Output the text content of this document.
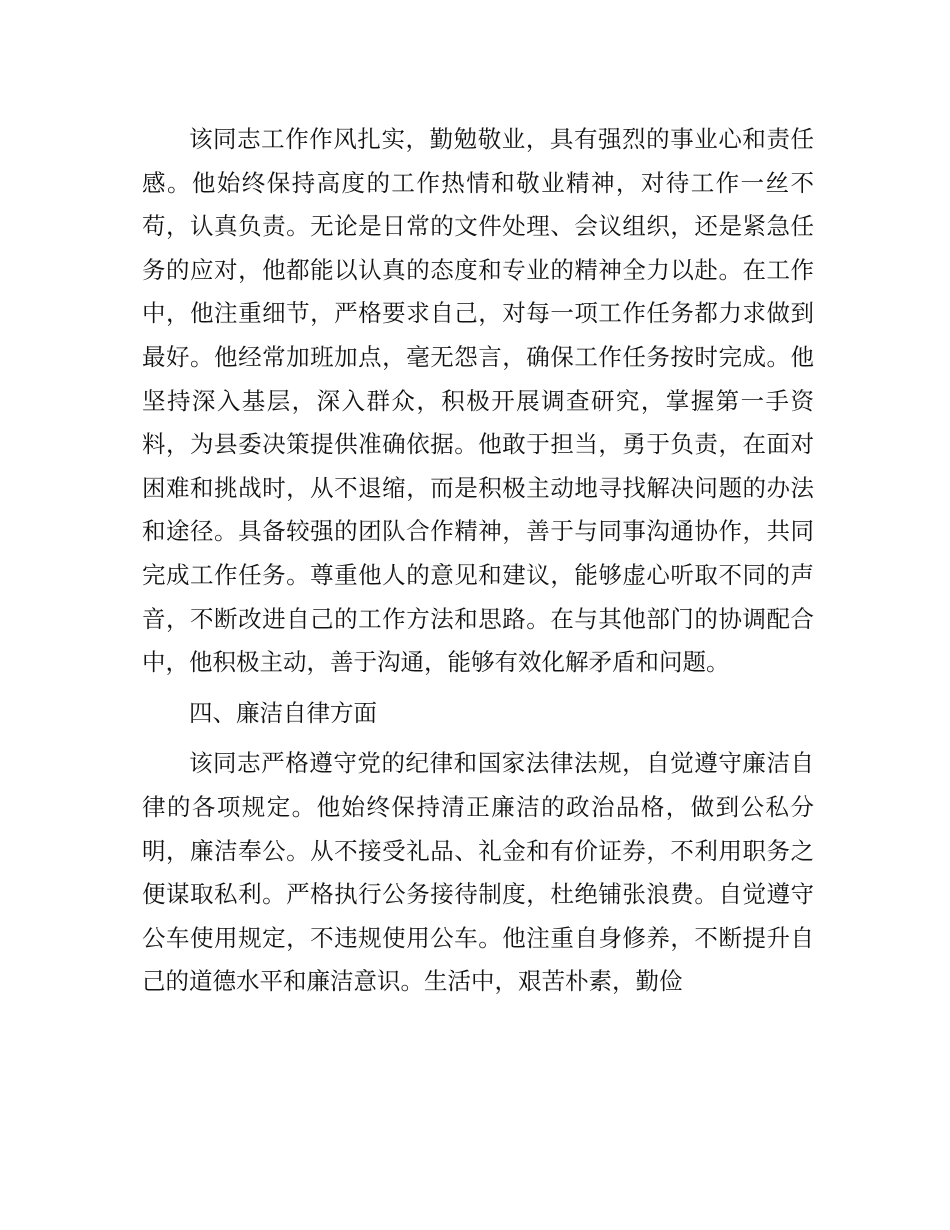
该同志工作作风扎实，勤勉敬业，具有强烈的事业心和责任感。他始终保持高度的工作热情和敬业精神，对待工作一丝不苟，认真负责。无论是日常的文件处理、会议组织，还是紧急任务的应对，他都能以认真的态度和专业的精神全力以赴。在工作中，他注重细节，严格要求自己，对每一项工作任务都力求做到最好。他经常加班加点，毫无怨言，确保工作任务按时完成。他坚持深入基层，深入群众，积极开展调查研究，掌握第一手资料，为县委决策提供准确依据。他敢于担当，勇于负责，在面对困难和挑战时，从不退缩，而是积极主动地寻找解决问题的办法和途径。具备较强的团队合作精神，善于与同事沟通协作，共同完成工作任务。尊重他人的意见和建议，能够虚心听取不同的声音，不断改进自己的工作方法和思路。在与其他部门的协调配合中，他积极主动，善于沟通，能够有效化解矛盾和问题。

四、廉洁自律方面

该同志严格遵守党的纪律和国家法律法规，自觉遵守廉洁自律的各项规定。他始终保持清正廉洁的政治品格，做到公私分明，廉洁奉公。从不接受礼品、礼金和有价证券，不利用职务之便谋取私利。严格执行公务接待制度，杜绝铺张浪费。自觉遵守公车使用规定，不违规使用公车。他注重自身修养，不断提升自己的道德水平和廉洁意识。生活中，艰苦朴素，勤俭
